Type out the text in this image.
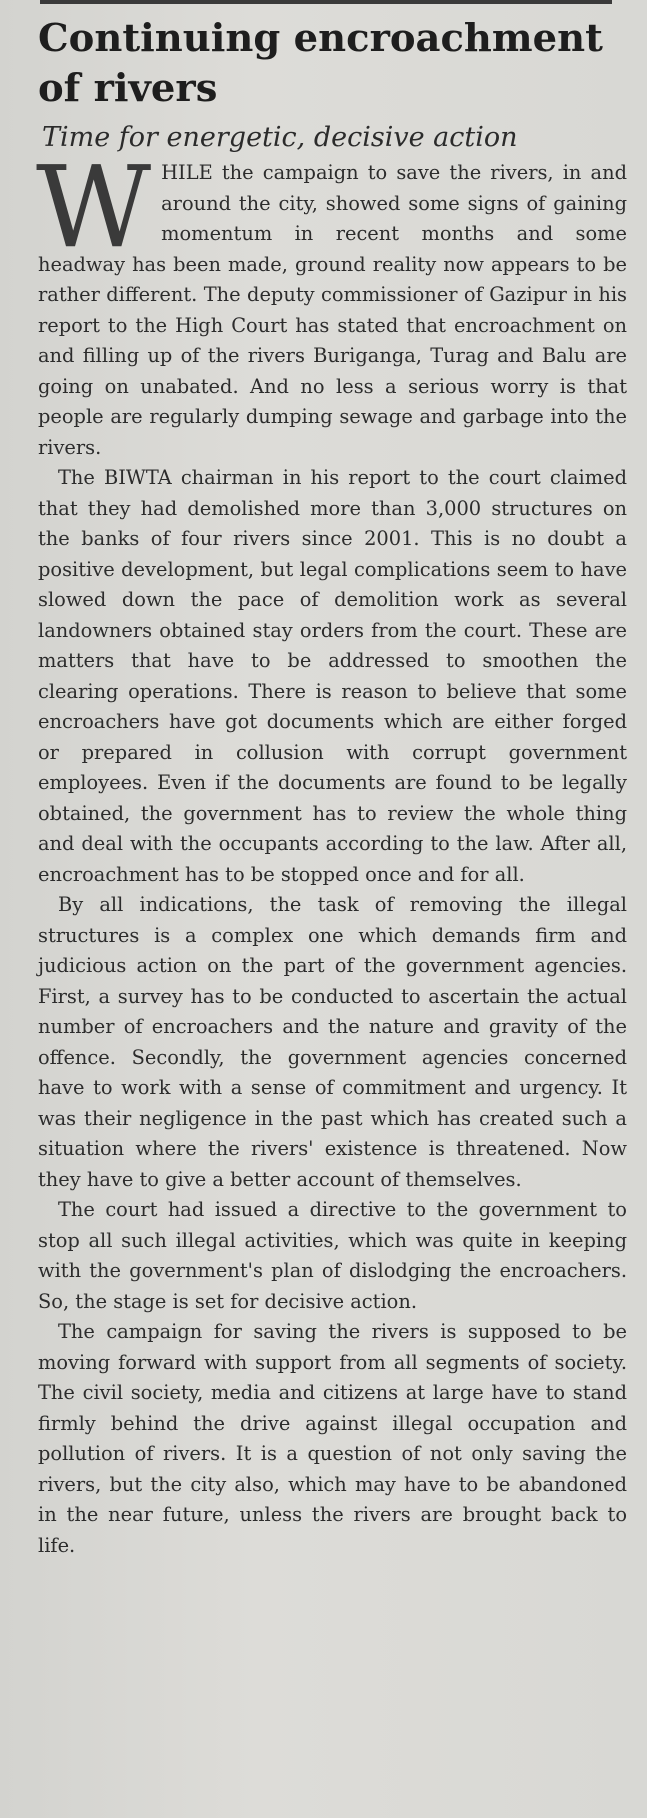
Continuing encroachment
of rivers
Time for energetic, decisive action

WHILE the campaign to save the rivers, in and around the city, showed some signs of gaining momentum in recent months and some headway has been made, ground reality now appears to be rather different. The deputy commissioner of Gazipur in his report to the High Court has stated that encroachment on and filling up of the rivers Buriganga, Turag and Balu are going on unabated. And no less a serious worry is that people are regularly dumping sewage and garbage into the rivers.

The BIWTA chairman in his report to the court claimed that they had demolished more than 3,000 structures on the banks of four rivers since 2001. This is no doubt a positive development, but legal complications seem to have slowed down the pace of demolition work as several landowners obtained stay orders from the court. These are matters that have to be addressed to smoothen the clearing operations. There is reason to believe that some encroachers have got documents which are either forged or prepared in collusion with corrupt government employees. Even if the documents are found to be legally obtained, the government has to review the whole thing and deal with the occupants according to the law. After all, encroachment has to be stopped once and for all.

By all indications, the task of removing the illegal structures is a complex one which demands firm and judicious action on the part of the government agencies. First, a survey has to be conducted to ascertain the actual number of encroachers and the nature and gravity of the offence. Secondly, the government agencies concerned have to work with a sense of commitment and urgency. It was their negligence in the past which has created such a situation where the rivers' existence is threatened. Now they have to give a better account of themselves.

The court had issued a directive to the government to stop all such illegal activities, which was quite in keeping with the government's plan of dislodging the encroachers. So, the stage is set for decisive action.

The campaign for saving the rivers is supposed to be moving forward with support from all segments of society. The civil society, media and citizens at large have to stand firmly behind the drive against illegal occupation and pollution of rivers. It is a question of not only saving the rivers, but the city also, which may have to be abandoned in the near future, unless the rivers are brought back to life.
